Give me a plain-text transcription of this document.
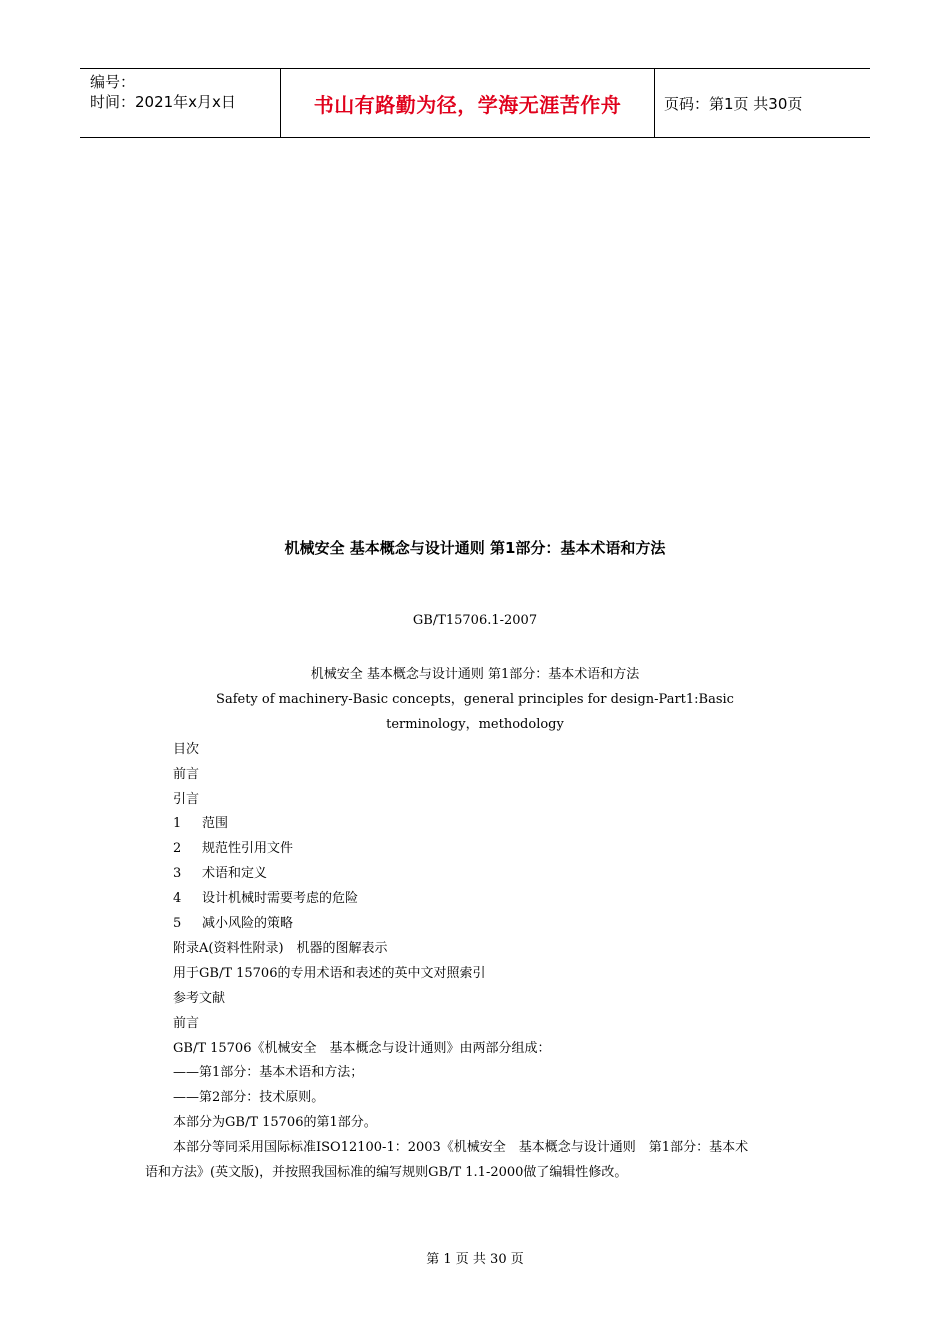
编号：
时间：2021年x月x日	书山有路勤为径，学海无涯苦作舟	页码：第1页 共30页
机械安全 基本概念与设计通则 第1部分：基本术语和方法
GB/T15706.1-2007
机械安全 基本概念与设计通则 第1部分：基本术语和方法
Safety of machinery-Basic concepts，general principles for design-Part1:Basic
terminology，methodology
目次
前言
引言
1 范围
2 规范性引用文件
3 术语和定义
4 设计机械时需要考虑的危险
5 减小风险的策略
附录A(资料性附录)　机器的图解表示
用于GB/T 15706的专用术语和表述的英中文对照索引
参考文献
前言
GB/T 15706《机械安全　基本概念与设计通则》由两部分组成：
——第1部分：基本术语和方法；
——第2部分：技术原则。
本部分为GB/T 15706的第1部分。
本部分等同采用国际标准ISO12100-1：2003《机械安全　基本概念与设计通则　第1部分：基本术
语和方法》(英文版)，并按照我国标准的编写规则GB/T 1.1-2000做了编辑性修改。
第 1 页 共 30 页
